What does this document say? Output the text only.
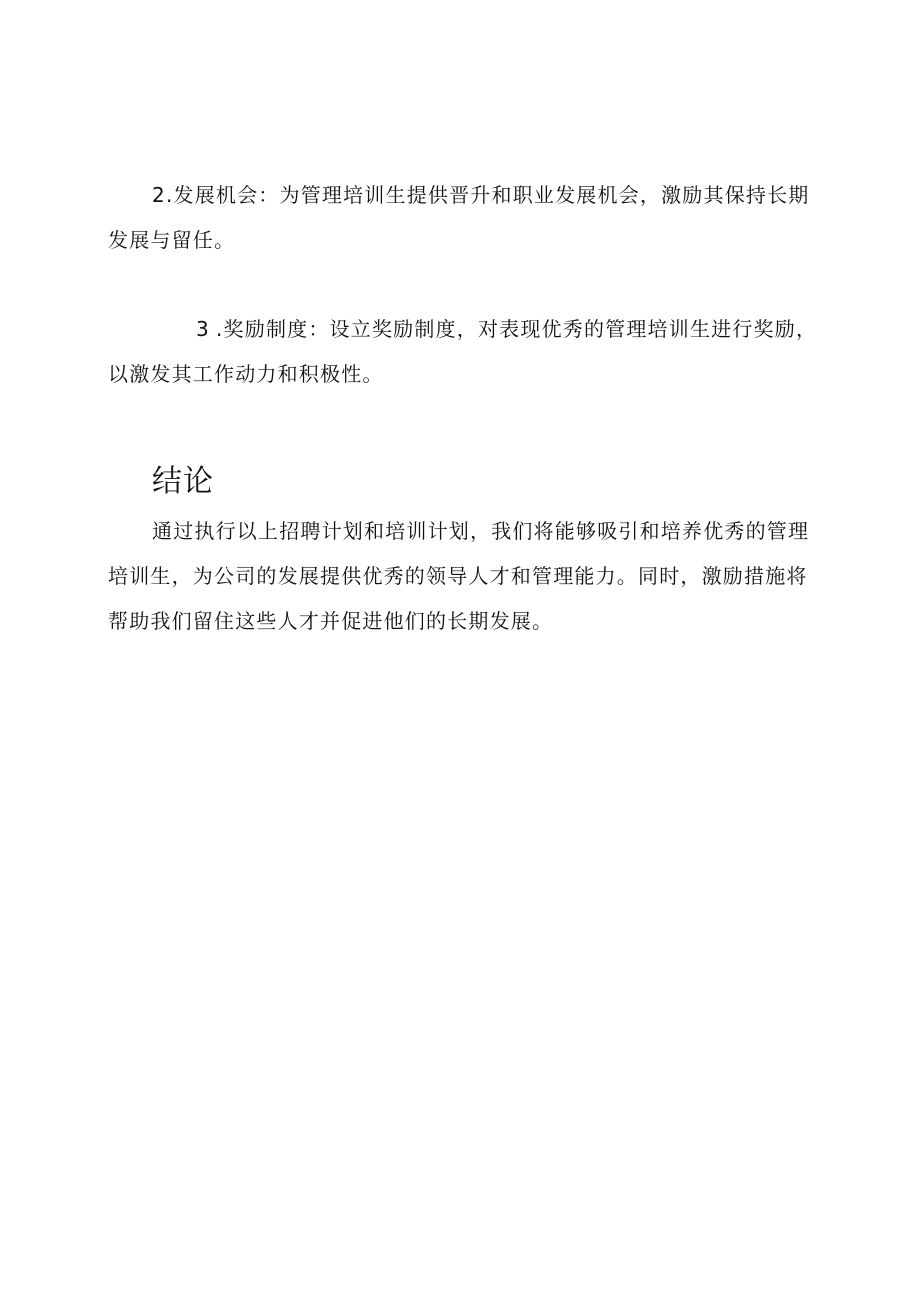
2.发展机会：为管理培训生提供晋升和职业发展机会，激励其保持长期发展与留任。

3 .奖励制度：设立奖励制度，对表现优秀的管理培训生进行奖励，以激发其工作动力和积极性。

结论

通过执行以上招聘计划和培训计划，我们将能够吸引和培养优秀的管理培训生，为公司的发展提供优秀的领导人才和管理能力。同时，激励措施将帮助我们留住这些人才并促进他们的长期发展。
